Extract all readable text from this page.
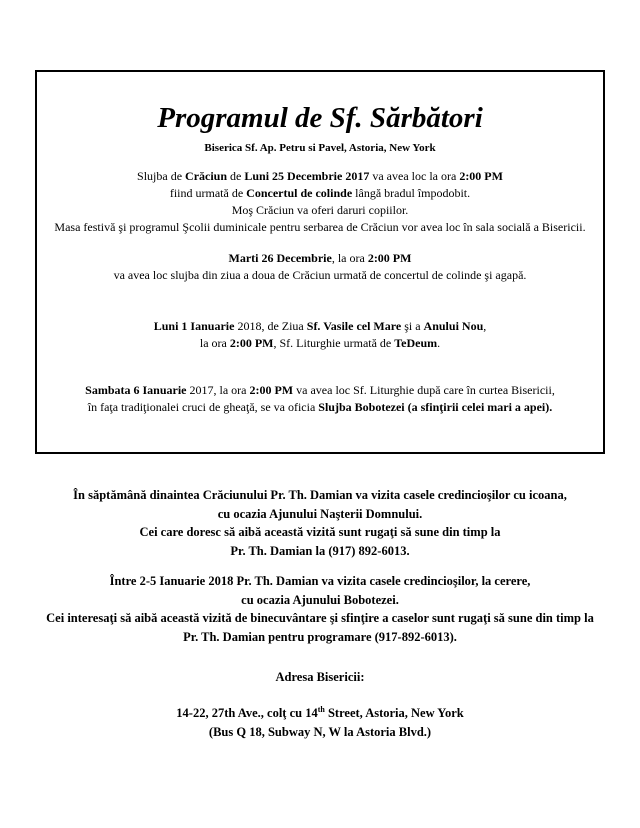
Programul de Sf. Sărbători
Biserica Sf. Ap. Petru si Pavel, Astoria, New York
Slujba de Crăciun de Luni 25 Decembrie 2017 va avea loc la ora 2:00 PM
fiind urmată de Concertul de colinde lângă bradul împodobit.
Moş Crăciun va oferi daruri copiilor.
Masa festivă şi programul Şcolii duminicale pentru serbarea de Crăciun vor avea loc în sala socială a Bisericii.
Marti 26 Decembrie, la ora 2:00 PM
va avea loc slujba din ziua a doua de Crăciun urmată de concertul de colinde şi agapă.
Luni 1 Ianuarie 2018, de Ziua Sf. Vasile cel Mare şi a Anului Nou,
la ora 2:00 PM, Sf. Liturghie urmată de TeDeum.
Sambata 6 Ianuarie 2017, la ora 2:00 PM va avea loc Sf. Liturghie după care în curtea Bisericii,
în faţa tradiţionalei cruci de gheaţă, se va oficia Slujba Bobotezei (a sfinţirii celei mari a apei).
În săptămână dinaintea Crăciunului Pr. Th. Damian va vizita casele credincioşilor cu icoana,
cu ocazia Ajunului Naşterii Domnului.
Cei care doresc să aibă această vizită sunt rugaţi să sune din timp la
Pr. Th. Damian la (917) 892-6013.
Între 2-5 Ianuarie 2018 Pr. Th. Damian va vizita casele credincioşilor, la cerere,
cu ocazia Ajunului Bobotezei.
Cei interesaţi să aibă această vizită de binecuvântare şi sfinţire a caselor sunt rugaţi să sune din timp la
Pr. Th. Damian pentru programare (917-892-6013).
Adresa Bisericii:
14-22, 27th Ave., colţ cu 14th Street, Astoria, New York
(Bus Q 18, Subway N, W la Astoria Blvd.)
